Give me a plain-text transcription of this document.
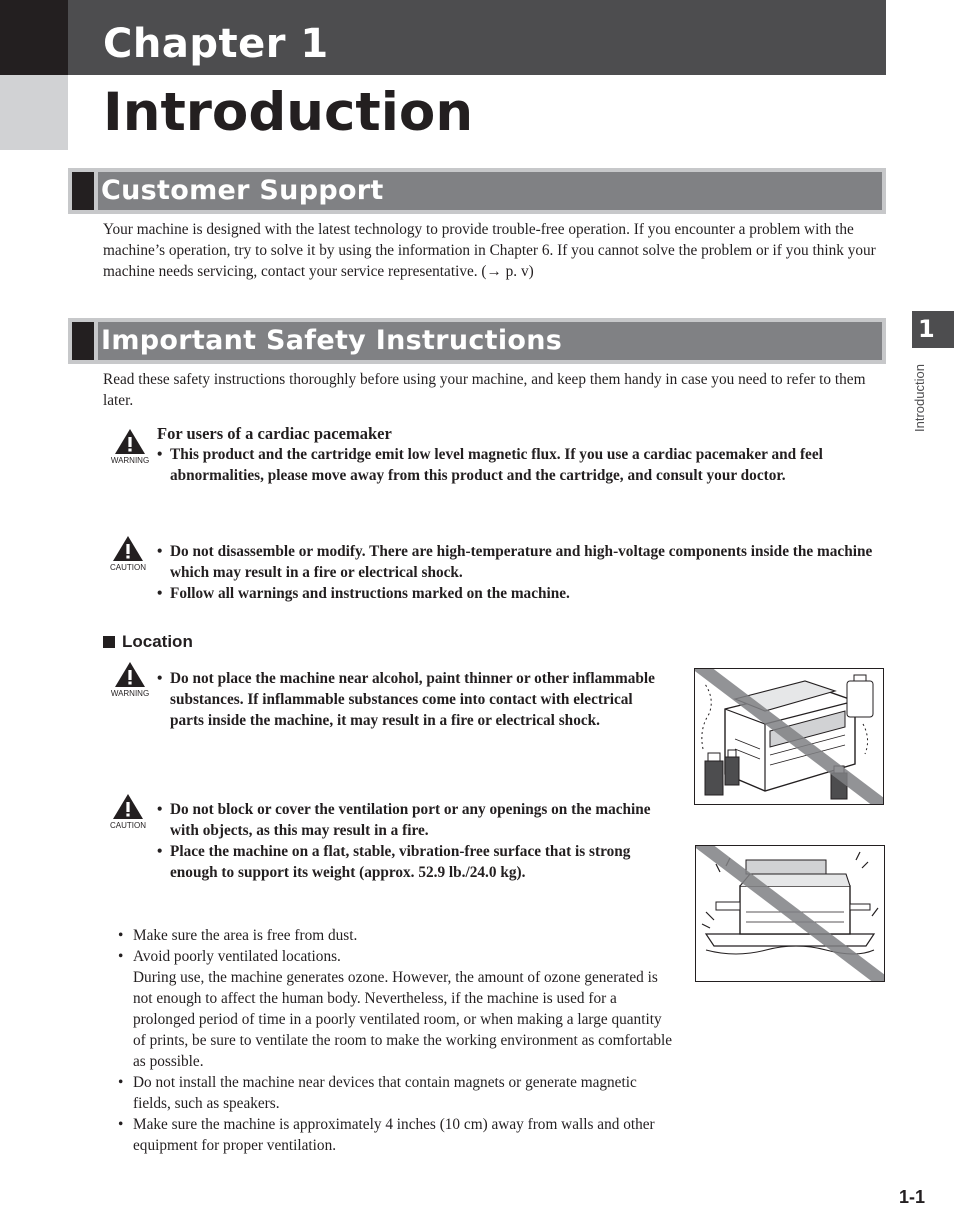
Chapter 1
Introduction
Customer Support
Your machine is designed with the latest technology to provide trouble-free operation. If you encounter a problem with the machine’s operation, try to solve it by using the information in Chapter 6. If you cannot solve the problem or if you think your machine needs servicing, contact your service representative. (→ p. v)
Important Safety Instructions
Read these safety instructions thoroughly before using your machine, and keep them handy in case you need to refer to them later.
1
Introduction
WARNING
For users of a cardiac pacemaker
• This product and the cartridge emit low level magnetic flux. If you use a cardiac pacemaker and feel abnormalities, please move away from this product and the cartridge, and consult your doctor.
CAUTION
• Do not disassemble or modify. There are high-temperature and high-voltage components inside the machine which may result in a fire or electrical shock.
• Follow all warnings and instructions marked on the machine.
Location
WARNING
• Do not place the machine near alcohol, paint thinner or other inflammable substances. If inflammable substances come into contact with electrical parts inside the machine, it may result in a fire or electrical shock.
CAUTION
• Do not block or cover the ventilation port or any openings on the machine with objects, as this may result in a fire.
• Place the machine on a flat, stable, vibration-free surface that is strong enough to support its weight (approx. 52.9 lb./24.0 kg).
• Make sure the area is free from dust.
• Avoid poorly ventilated locations.
During use, the machine generates ozone. However, the amount of ozone generated is not enough to affect the human body. Nevertheless, if the machine is used for a prolonged period of time in a poorly ventilated room, or when making a large quantity of prints, be sure to ventilate the room to make the working environment as comfortable as possible.
• Do not install the machine near devices that contain magnets or generate magnetic fields, such as speakers.
• Make sure the machine is approximately 4 inches (10 cm) away from walls and other equipment for proper ventilation.
1-1
